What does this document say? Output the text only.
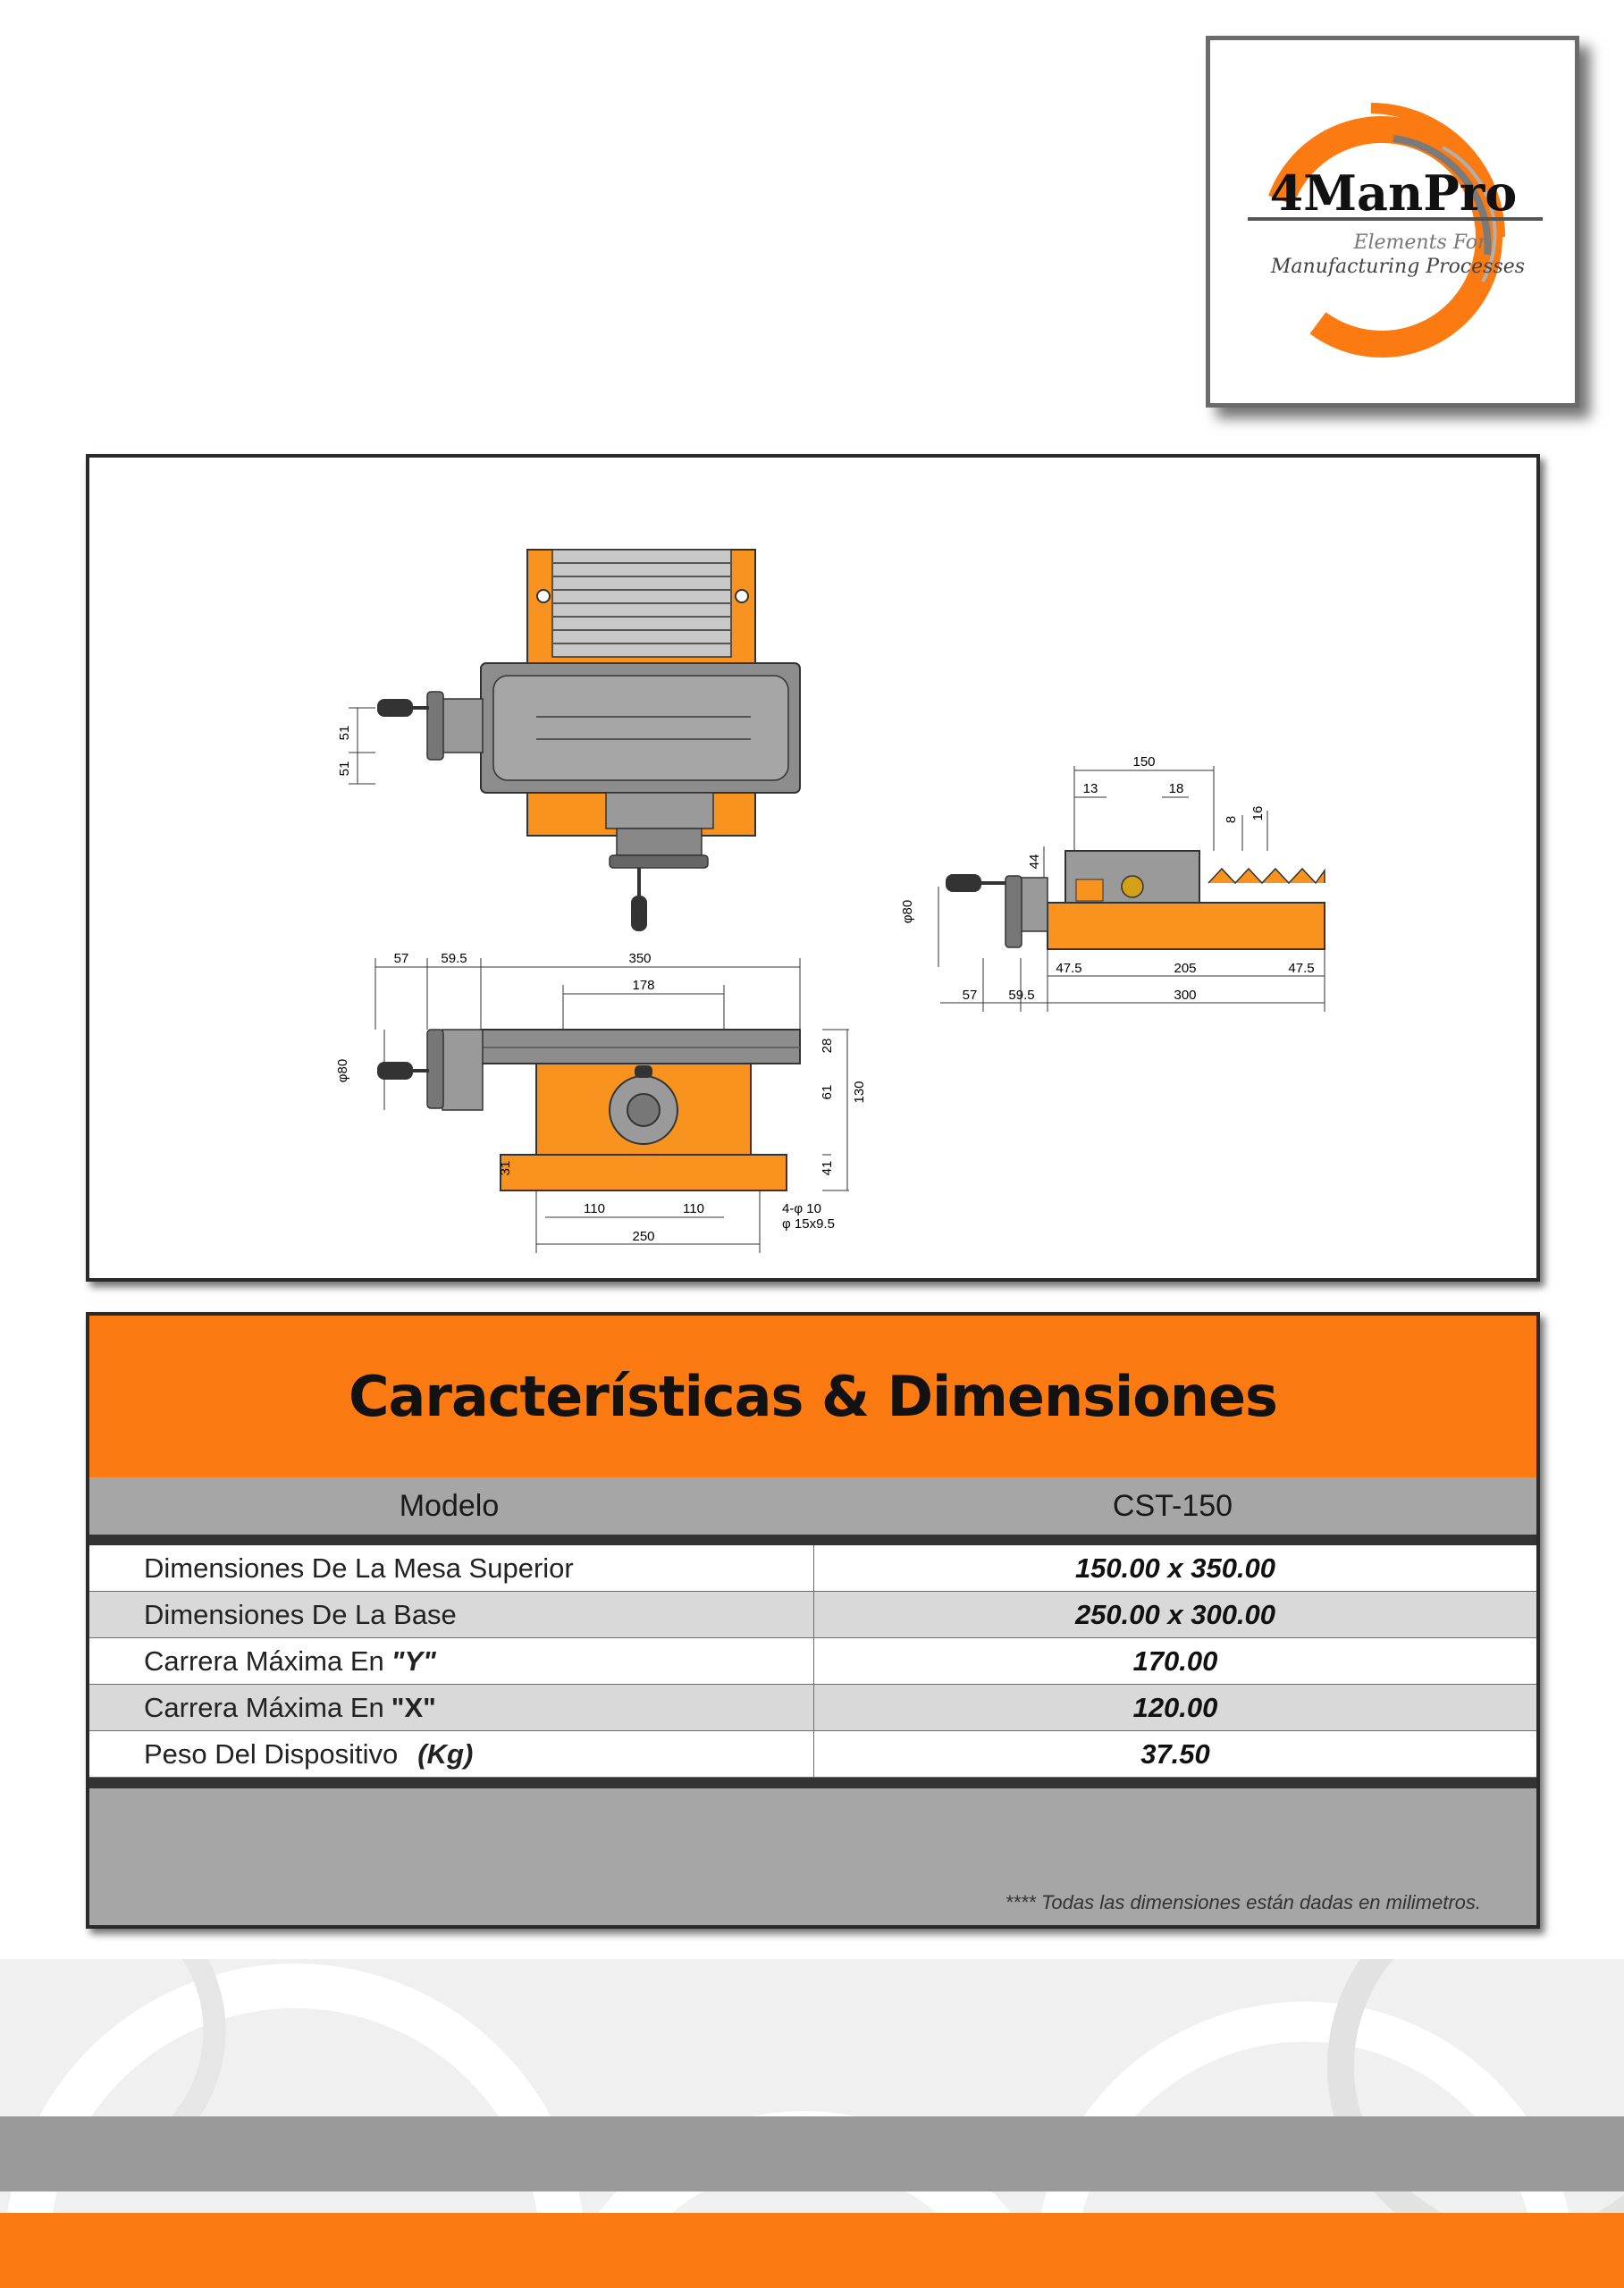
4ManPro
Elements For
Manufacturing Processes
51
51
57 59.5	350
178
φ80
28
61 130
41
31
110	110
250
4-φ 10
φ 15x9.5
150
13	18
8 16
44
φ80
47.5	205	47.5
57 59.5	300
Características & Dimensiones
Modelo	CST-150
Dimensiones De La Mesa Superior	150.00 x 350.00
Dimensiones De La Base	250.00 x 300.00
Carrera Máxima En "Y"	170.00
Carrera Máxima En "X"	120.00
Peso Del Dispositivo (Kg)	37.50
**** Todas las dimensiones están dadas en milimetros.
